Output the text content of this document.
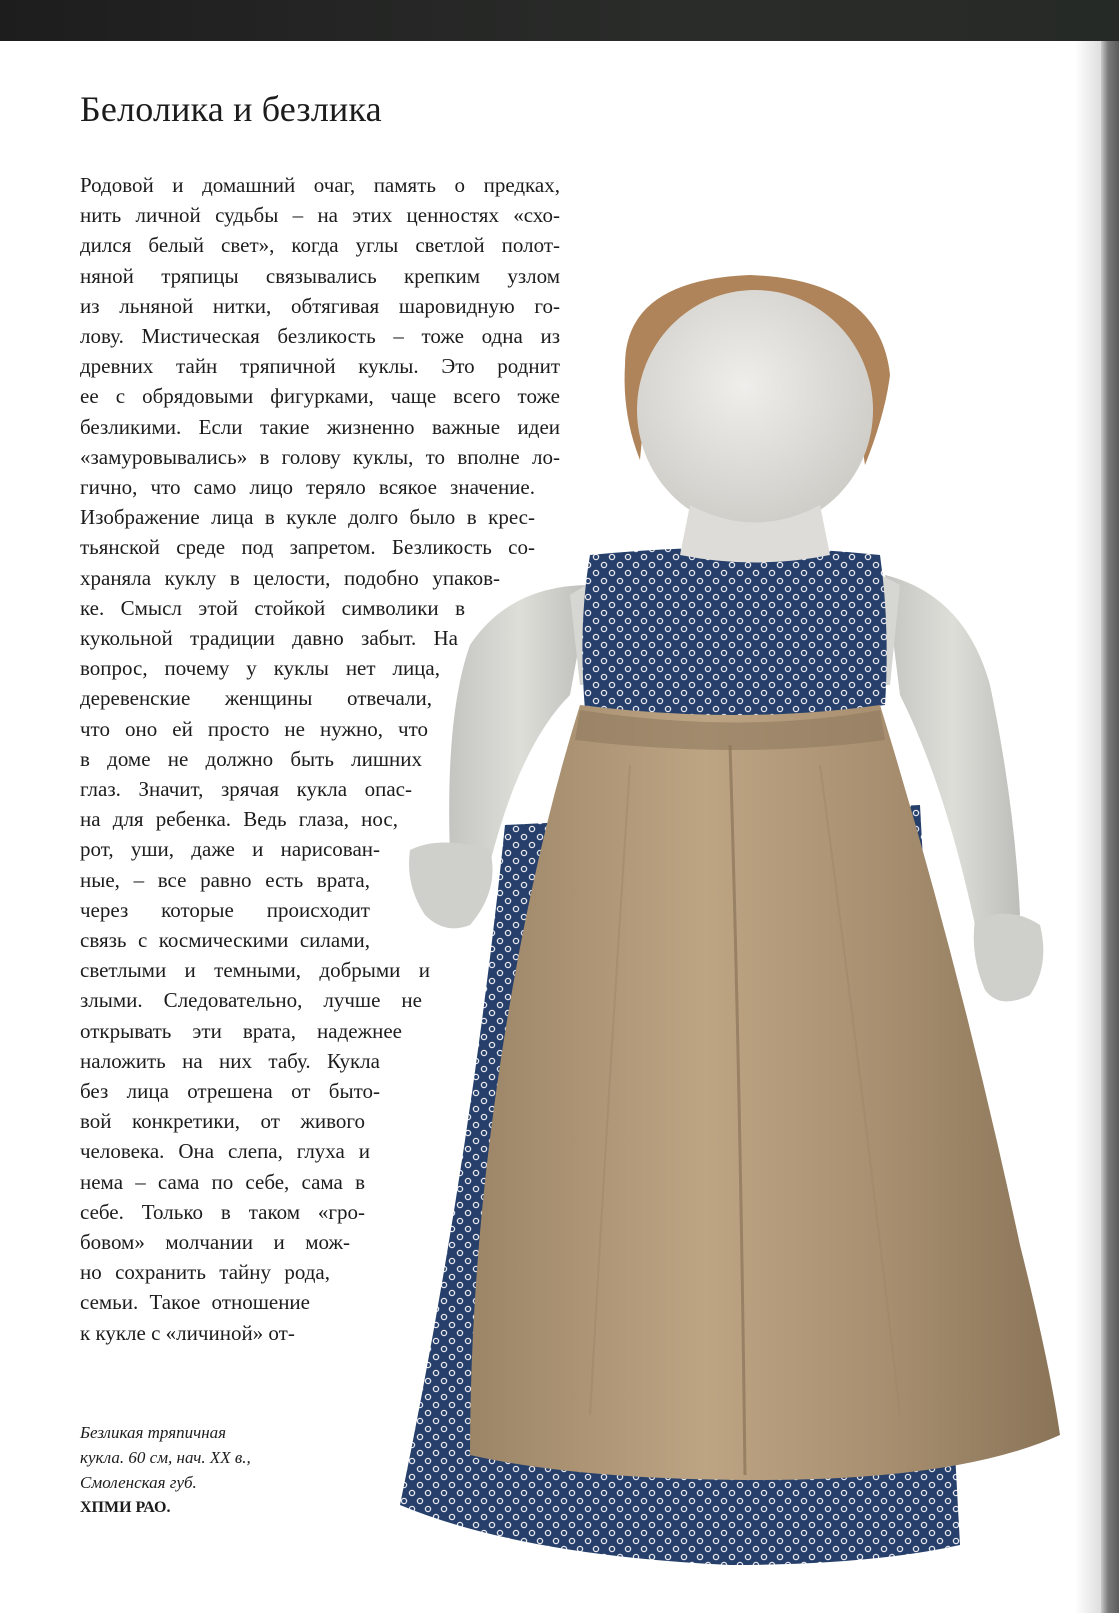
Белолика и безлика
Родовой и домашний очаг, память о предках,
нить личной судьбы – на этих ценностях «схо-
дился белый свет», когда углы светлой полот-
няной тряпицы связывались крепким узлом
из льняной нитки, обтягивая шаровидную го-
лову. Мистическая безликость – тоже одна из
древних тайн тряпичной куклы. Это роднит
ее с обрядовыми фигурками, чаще всего тоже
безликими. Если такие жизненно важные идеи
«замуровывались» в голову куклы, то вполне ло-
гично, что само лицо теряло всякое значение.
Изображение лица в кукле долго было в крес-
тьянской среде под запретом. Безликость со-
храняла куклу в целости, подобно упаков-
ке. Смысл этой стойкой символики в
кукольной традиции давно забыт. На
вопрос, почему у куклы нет лица,
деревенские женщины отвечали,
что оно ей просто не нужно, что
в доме не должно быть лишних
глаз. Значит, зрячая кукла опас-
на для ребенка. Ведь глаза, нос,
рот, уши, даже и нарисован-
ные, – все равно есть врата,
через которые происходит
связь с космическими силами,
светлыми и темными, добрыми и
злыми. Следовательно, лучше не
открывать эти врата, надежнее
наложить на них табу. Кукла
без лица отрешена от быто-
вой конкретики, от живого
человека. Она слепа, глуха и
нема – сама по себе, сама в
себе. Только в таком «гро-
бовом» молчании и мож-
но сохранить тайну рода,
семьи. Такое отношение
к кукле с «личиной» от-
Безликая тряпичная
кукла. 60 см, нач. XX в.,
Смоленская губ.
ХПМИ РАО.
